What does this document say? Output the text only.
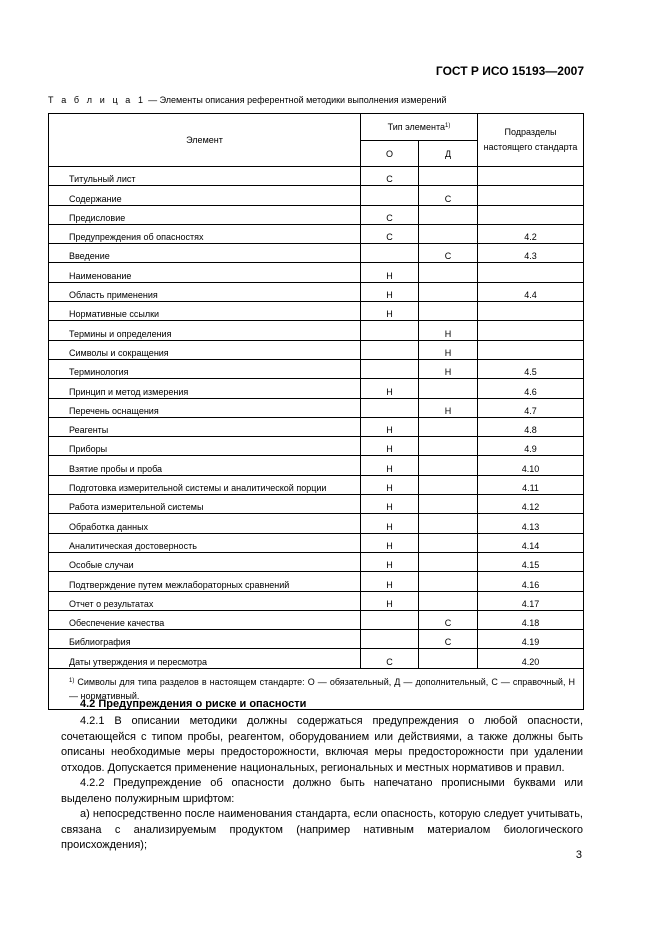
ГОСТ Р ИСО 15193—2007
Т а б л и ц а 1 — Элементы описания референтной методики выполнения измерений
Элемент	Тип элемента$^{1)}$		Подразделы
настоящего стандарта
	О	Д	
Титульный лист	С		
Содержание		С	
Предисловие	С		
Предупреждения об опасностях	С		4.2
Введение		С	4.3
Наименование	Н		
Область применения	Н		4.4
Нормативные ссылки	Н		
Термины и определения		Н	
Символы и сокращения		Н	
Терминология		Н	4.5
Принцип и метод измерения	Н		4.6
Перечень оснащения		Н	4.7
Реагенты	Н		4.8
Приборы	Н		4.9
Взятие пробы и проба	Н		4.10
Подготовка измерительной системы и аналитической порции	Н		4.11
Работа измерительной системы	Н		4.12
Обработка данных	Н		4.13
Аналитическая достоверность	Н		4.14
Особые случаи	Н		4.15
Подтверждение путем межлабораторных сравнений	Н		4.16
Отчет о результатах	Н		4.17
Обеспечение качества		С	4.18
Библиография		С	4.19
Даты утверждения и пересмотра	С		4.20
$^{1)}$ Символы для типа разделов в настоящем стандарте: О — обязательный, Д — дополнительный, С — справочный, Н — нормативный.			
4.2 Предупреждения о риске и опасности

4.2.1 В описании методики должны содержаться предупреждения о любой опасности, сочетающейся с типом пробы, реагентом, оборудованием или действиями, а также должны быть описаны необходимые меры предосторожности, включая меры предосторожности при удалении отходов. Допускается применение национальных, региональных и местных нормативов и правил.

4.2.2 Предупреждение об опасности должно быть напечатано прописными буквами или выделено полужирным шрифтом:

а) непосредственно после наименования стандарта, если опасность, которую следует учитывать, связана с анализируемым продуктом (например нативным материалом биологического происхождения);

3
